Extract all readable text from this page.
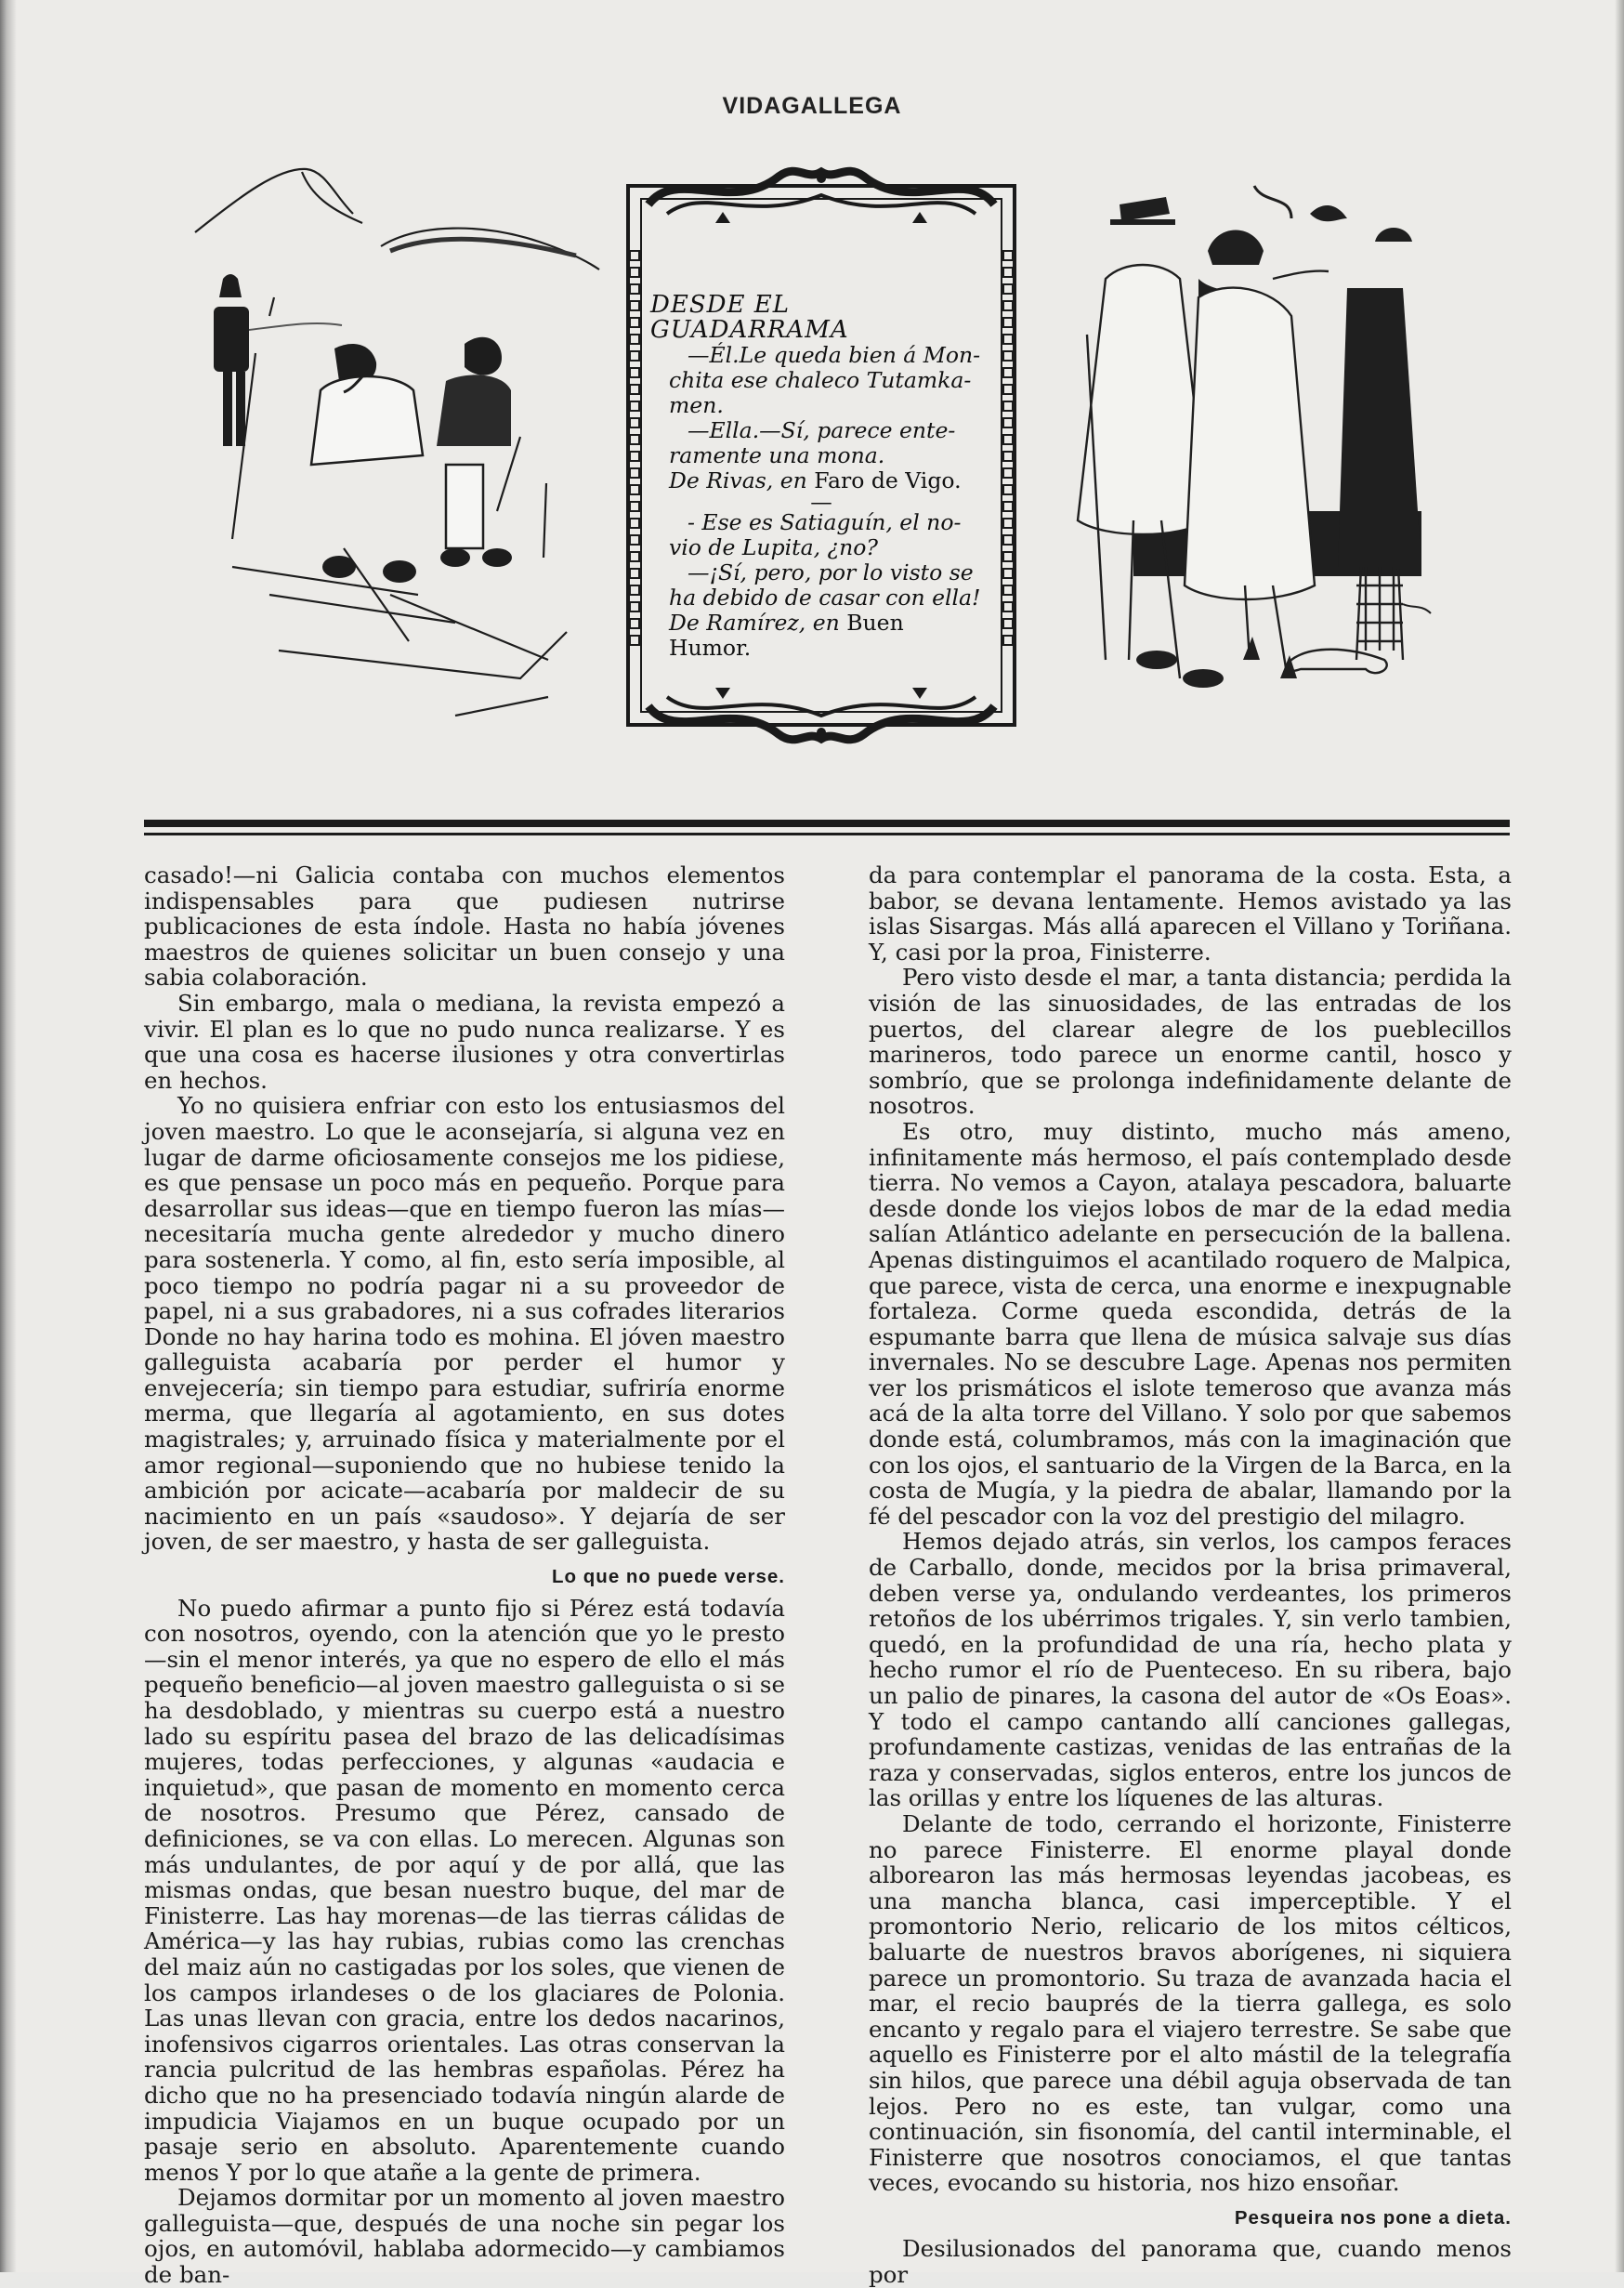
VIDAGALLEGA
DESDE EL GUADARRAMA
—Él.Le queda bien á Mon-
chita ese chaleco Tutamka-
men.
—Ella.—Sí, parece ente-
ramente una mona.
De Rivas, en Faro de Vigo.
—
- Ese es Satiaguín, el no-
vio de Lupita, ¿no?
—¡Sí, pero, por lo visto se
ha debido de casar con ella!
De Ramírez, en Buen Humor.

casado!—ni Galicia contaba con muchos elementos indispensables para que pudiesen nutrirse publicaciones de esta índole. Hasta no había jóvenes maestros de quienes solicitar un buen consejo y una sabia colaboración.

Sin embargo, mala o mediana, la revista empezó a vivir. El plan es lo que no pudo nunca realizarse. Y es que una cosa es hacerse ilusiones y otra convertirlas en hechos.

Yo no quisiera enfriar con esto los entusiasmos del joven maestro. Lo que le aconsejaría, si alguna vez en lugar de darme oficiosamente consejos me los pidiese, es que pensase un poco más en pequeño. Porque para desarrollar sus ideas—que en tiempo fueron las mías—necesitaría mucha gente alrededor y mucho dinero para sostenerla. Y como, al fin, esto sería imposible, al poco tiempo no podría pagar ni a su proveedor de papel, ni a sus grabadores, ni a sus cofrades literarios Donde no hay harina todo es mohina. El jóven maestro galleguista acabaría por perder el humor y envejecería; sin tiempo para estudiar, sufriría enorme merma, que llegaría al agotamiento, en sus dotes magistrales; y, arruinado física y materialmente por el amor regional—suponiendo que no hubiese tenido la ambición por acicate—acabaría por maldecir de su nacimiento en un país «saudoso». Y dejaría de ser joven, de ser maestro, y hasta de ser galleguista.

Lo que no puede verse.

No puedo afirmar a punto fijo si Pérez está todavía con nosotros, oyendo, con la atención que yo le presto—sin el menor interés, ya que no espero de ello el más pequeño beneficio—al joven maestro galleguista o si se ha desdoblado, y mientras su cuerpo está a nuestro lado su espíritu pasea del brazo de las delicadísimas mujeres, todas perfecciones, y algunas «audacia e inquietud», que pasan de momento en momento cerca de nosotros. Presumo que Pérez, cansado de definiciones, se va con ellas. Lo merecen. Algunas son más undulantes, de por aquí y de por allá, que las mismas ondas, que besan nuestro buque, del mar de Finisterre. Las hay morenas—de las tierras cálidas de América—y las hay rubias, rubias como las crenchas del maiz aún no castigadas por los soles, que vienen de los campos irlandeses o de los glaciares de Polonia. Las unas llevan con gracia, entre los dedos nacarinos, inofensivos cigarros orientales. Las otras conservan la rancia pulcritud de las hembras españolas. Pérez ha dicho que no ha presenciado todavía ningún alarde de impudicia Viajamos en un buque ocupado por un pasaje serio en absoluto. Aparentemente cuando menos Y por lo que atañe a la gente de primera.

Dejamos dormitar por un momento al joven maestro galleguista—que, después de una noche sin pegar los ojos, en automóvil, hablaba adormecido—y cambiamos de ban-

da para contemplar el panorama de la costa. Esta, a babor, se devana lentamente. Hemos avistado ya las islas Sisargas. Más allá aparecen el Villano y Toriñana. Y, casi por la proa, Finisterre.

Pero visto desde el mar, a tanta distancia; perdida la visión de las sinuosidades, de las entradas de los puertos, del clarear alegre de los pueblecillos marineros, todo parece un enorme cantil, hosco y sombrío, que se prolonga indefinidamente delante de nosotros.

Es otro, muy distinto, mucho más ameno, infinitamente más hermoso, el país contemplado desde tierra. No vemos a Cayon, atalaya pescadora, baluarte desde donde los viejos lobos de mar de la edad media salían Atlántico adelante en persecución de la ballena. Apenas distinguimos el acantilado roquero de Malpica, que parece, vista de cerca, una enorme e inexpugnable fortaleza. Corme queda escondida, detrás de la espumante barra que llena de música salvaje sus días invernales. No se descubre Lage. Apenas nos permiten ver los prismáticos el islote temeroso que avanza más acá de la alta torre del Villano. Y solo por que sabemos donde está, columbramos, más con la imaginación que con los ojos, el santuario de la Virgen de la Barca, en la costa de Mugía, y la piedra de abalar, llamando por la fé del pescador con la voz del prestigio del milagro.

Hemos dejado atrás, sin verlos, los campos feraces de Carballo, donde, mecidos por la brisa primaveral, deben verse ya, ondulando verdeantes, los primeros retoños de los ubérrimos trigales. Y, sin verlo tambien, quedó, en la profundidad de una ría, hecho plata y hecho rumor el río de Puenteceso. En su ribera, bajo un palio de pinares, la casona del autor de «Os Eoas». Y todo el campo cantando allí canciones gallegas, profundamente castizas, venidas de las entrañas de la raza y conservadas, siglos enteros, entre los juncos de las orillas y entre los líquenes de las alturas.

Delante de todo, cerrando el horizonte, Finisterre no parece Finisterre. El enorme playal donde alborearon las más hermosas leyendas jacobeas, es una mancha blanca, casi imperceptible. Y el promontorio Nerio, relicario de los mitos célticos, baluarte de nuestros bravos aborígenes, ni siquiera parece un promontorio. Su traza de avanzada hacia el mar, el recio bauprés de la tierra gallega, es solo encanto y regalo para el viajero terrestre. Se sabe que aquello es Finisterre por el alto mástil de la telegrafía sin hilos, que parece una débil aguja observada de tan lejos. Pero no es este, tan vulgar, como una continuación, sin fisonomía, del cantil interminable, el Finisterre que nosotros conociamos, el que tantas veces, evocando su historia, nos hizo ensoñar.

Pesqueira nos pone a dieta.

Desilusionados del panorama que, cuando menos por
